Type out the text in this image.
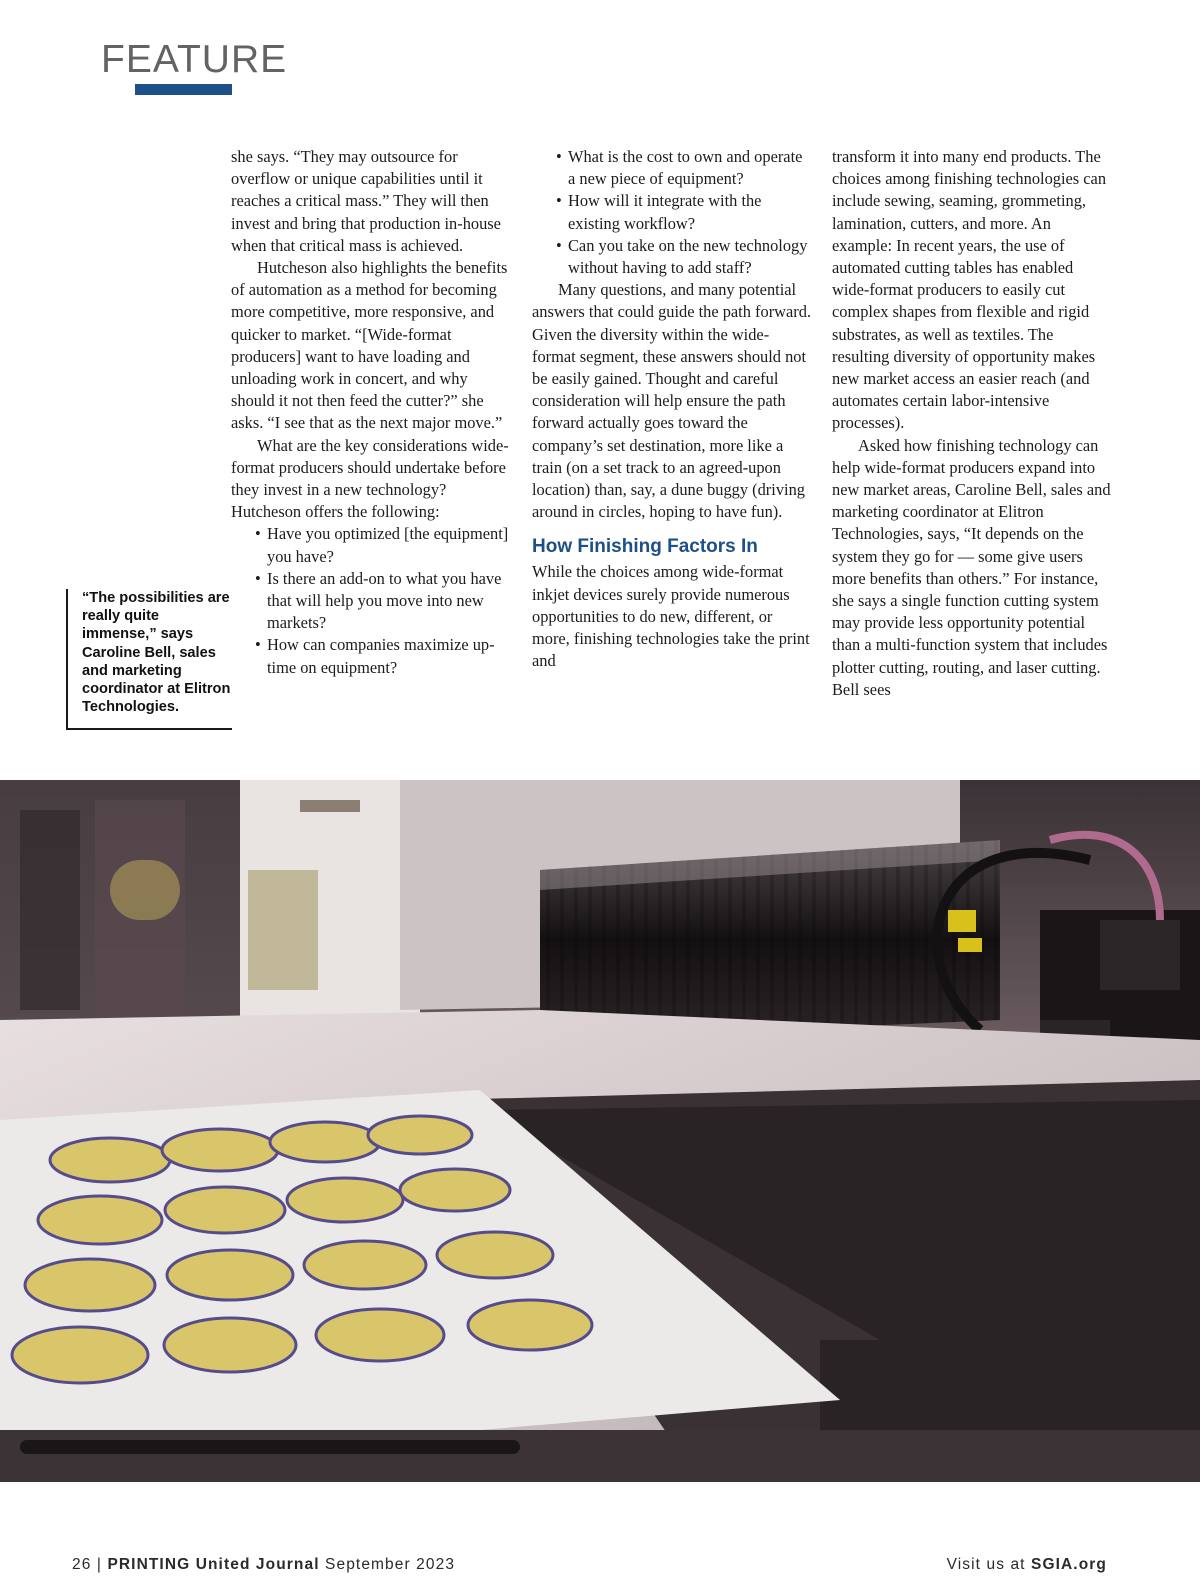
FEATURE
“The possibilities are really quite immense,” says Caroline Bell, sales and marketing coordinator at Elitron Technologies.

she says. “They may outsource for overflow or unique capabilities until it reaches a critical mass.” They will then invest and bring that production in-house when that critical mass is achieved.

Hutcheson also highlights the benefits of automation as a method for becoming more competitive, more responsive, and quicker to market. “[Wide-format producers] want to have loading and unloading work in concert, and why should it not then feed the cutter?” she asks. “I see that as the next major move.”

What are the key considerations wide-format producers should undertake before they invest in a new technology? Hutcheson offers the following:

• Have you optimized [the equipment] you have?
• Is there an add-on to what you have that will help you move into new markets?
• How can companies maximize up-time on equipment?
• What is the cost to own and operate a new piece of equipment?
• How will it integrate with the existing workflow?
• Can you take on the new technology without having to add staff?

Many questions, and many potential answers that could guide the path forward. Given the diversity within the wide-format segment, these answers should not be easily gained. Thought and careful consideration will help ensure the path forward actually goes toward the company’s set destination, more like a train (on a set track to an agreed-upon location) than, say, a dune buggy (driving around in circles, hoping to have fun).

How Finishing Factors In

While the choices among wide-format inkjet devices surely provide numerous opportunities to do new, different, or more, finishing technologies take the print and

transform it into many end products. The choices among finishing technologies can include sewing, seaming, grommeting, lamination, cutters, and more. An example: In recent years, the use of automated cutting tables has enabled wide-format producers to easily cut complex shapes from flexible and rigid substrates, as well as textiles. The resulting diversity of opportunity makes new market access an easier reach (and automates certain labor-intensive processes).

Asked how finishing technology can help wide-format producers expand into new market areas, Caroline Bell, sales and marketing coordinator at Elitron Technologies, says, “It depends on the system they go for — some give users more benefits than others.” For instance, she says a single function cutting system may provide less opportunity potential than a multi-function system that includes plotter cutting, routing, and laser cutting. Bell sees

26 | PRINTING United Journal September 2023	Visit us at SGIA.org
